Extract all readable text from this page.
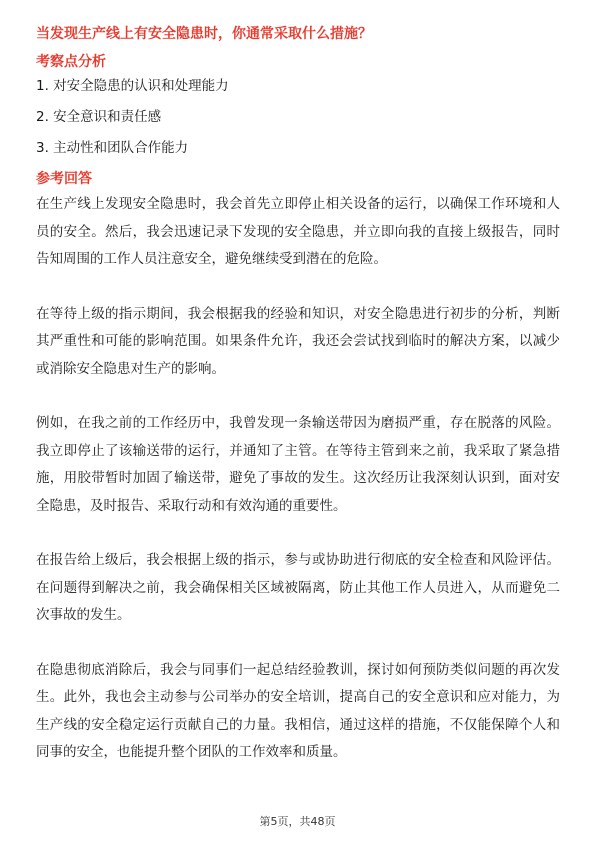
当发现生产线上有安全隐患时，你通常采取什么措施？
考察点分析
1. 对安全隐患的认识和处理能力
2. 安全意识和责任感
3. 主动性和团队合作能力
参考回答

在生产线上发现安全隐患时，我会首先立即停止相关设备的运行，以确保工作环境和人员的安全。然后，我会迅速记录下发现的安全隐患，并立即向我的直接上级报告，同时告知周围的工作人员注意安全，避免继续受到潜在的危险。

在等待上级的指示期间，我会根据我的经验和知识，对安全隐患进行初步的分析，判断其严重性和可能的影响范围。如果条件允许，我还会尝试找到临时的解决方案，以减少或消除安全隐患对生产的影响。

例如，在我之前的工作经历中，我曾发现一条输送带因为磨损严重，存在脱落的风险。我立即停止了该输送带的运行，并通知了主管。在等待主管到来之前，我采取了紧急措施，用胶带暂时加固了输送带，避免了事故的发生。这次经历让我深刻认识到，面对安全隐患，及时报告、采取行动和有效沟通的重要性。

在报告给上级后，我会根据上级的指示，参与或协助进行彻底的安全检查和风险评估。在问题得到解决之前，我会确保相关区域被隔离，防止其他工作人员进入，从而避免二次事故的发生。

在隐患彻底消除后，我会与同事们一起总结经验教训，探讨如何预防类似问题的再次发生。此外，我也会主动参与公司举办的安全培训，提高自己的安全意识和应对能力，为生产线的安全稳定运行贡献自己的力量。我相信，通过这样的措施，不仅能保障个人和同事的安全，也能提升整个团队的工作效率和质量。

第5页，共48页
